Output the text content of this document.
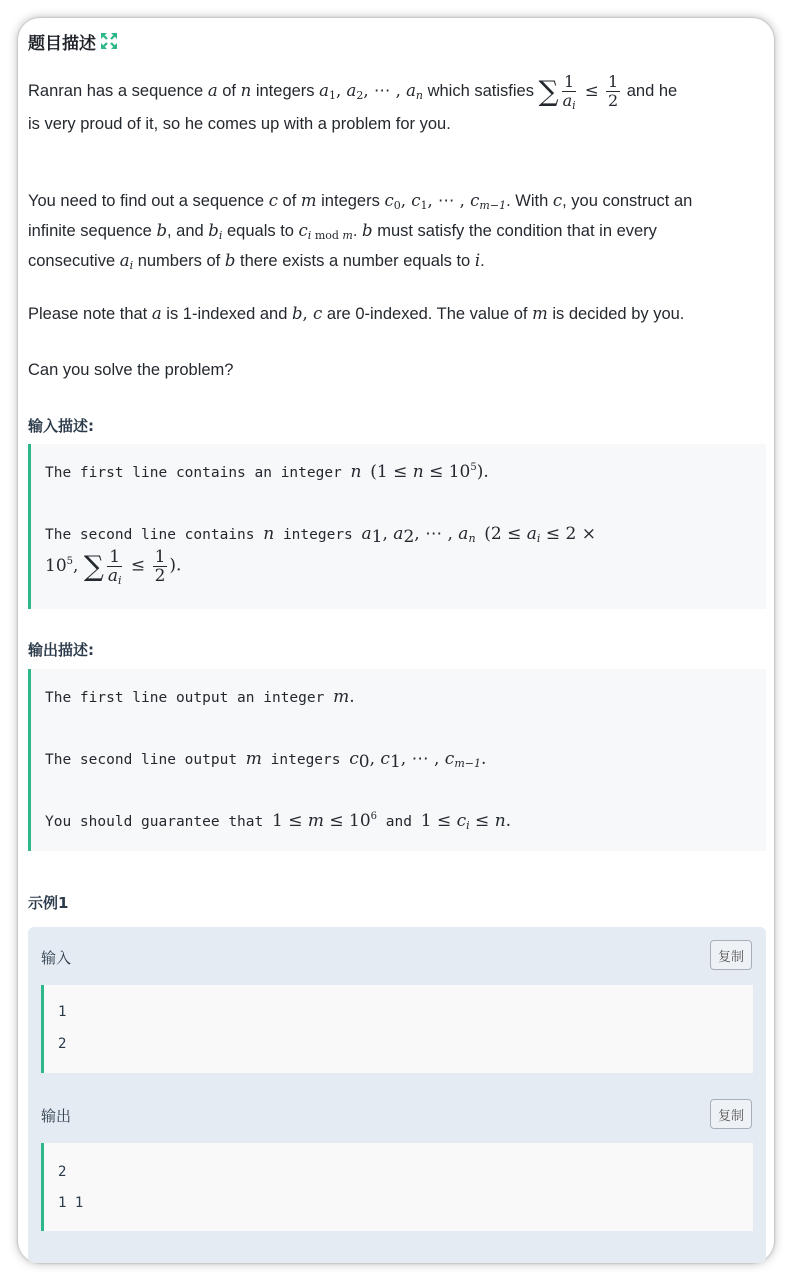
题目描述
Ranran has a sequence a of n integers $a_1$, $a_2$, ⋯ , $a_n$ which satisfies ∑ $\frac{1}{a_i} \le \frac{1}{2}$ and he
is very proud of it, so he comes up with a problem for you.
You need to find out a sequence c of m integers $c_0$, $c_1$, ⋯ , $c_{m-1}$. With c, you construct an
infinite sequence b, and $b_i$ equals to $c_{i mod m}$. b must satisfy the condition that in every
consecutive $a_i$ numbers of b there exists a number equals to i.
Please note that a is 1-indexed and b, c are 0-indexed. The value of m is decided by you.
Can you solve the problem?
输入描述:
The first line contains an integer n $(1 \le n \le 10^5)$.
The second line contains n integers $a_1$, $a_2$, ⋯ , $a_n$ ($2 \le a_i \le 2$ ×
$10^5$, ∑ $\frac{1}{a_i} \le \frac{1}{2}$ ).
输出描述:
The first line output an integer m.
The second line output m integers $c_0$, $c_1$, ⋯ , $c_{m-1}$.
You should guarantee that $1 \le m \le 10^6$ and $1 \le c_i \le n$.
示例1
输入	复制
1
2
输出	复制
2
1 1
